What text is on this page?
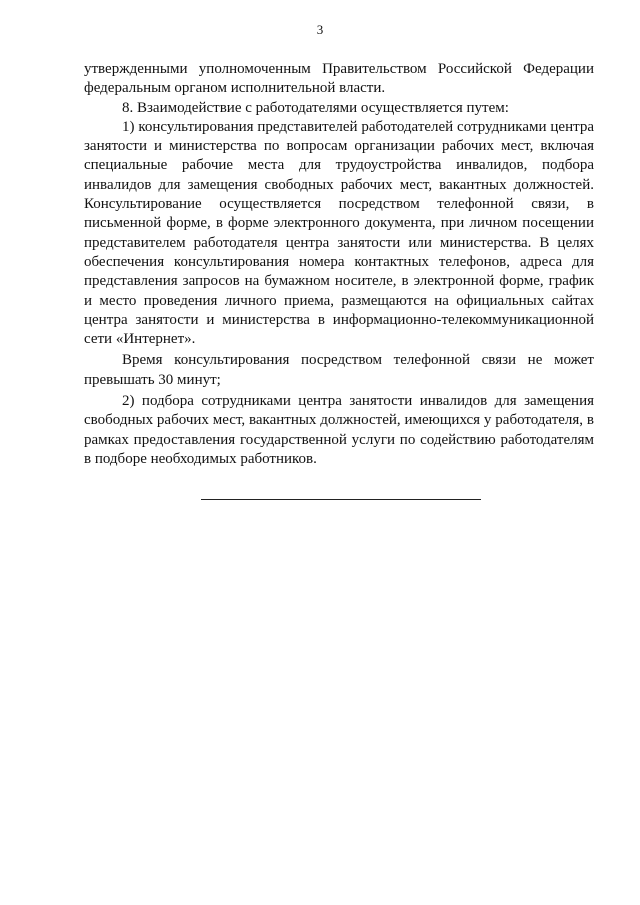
3

утвержденными уполномоченным Правительством Российской Федерации федеральным органом исполнительной власти.

8. Взаимодействие с работодателями осуществляется путем:

1) консультирования представителей работодателей сотрудниками центра занятости и министерства по вопросам организации рабочих мест, включая специальные рабочие места для трудоустройства инвалидов, подбора инвалидов для замещения свободных рабочих мест, вакантных должностей. Консультирование осуществляется посредством телефонной связи, в письменной форме, в форме электронного документа, при личном посещении представителем работодателя центра занятости или министерства. В целях обеспечения консультирования номера контактных телефонов, адреса для представления запросов на бумажном носителе, в электронной форме, график и место проведения личного приема, размещаются на официальных сайтах центра занятости и министерства в информационно-телекоммуникационной сети «Интернет».

Время консультирования посредством телефонной связи не может превышать 30 минут;

2) подбора сотрудниками центра занятости инвалидов для замещения свободных рабочих мест, вакантных должностей, имеющихся у работодателя, в рамках предоставления государственной услуги по содействию работодателям в подборе необходимых работников.
